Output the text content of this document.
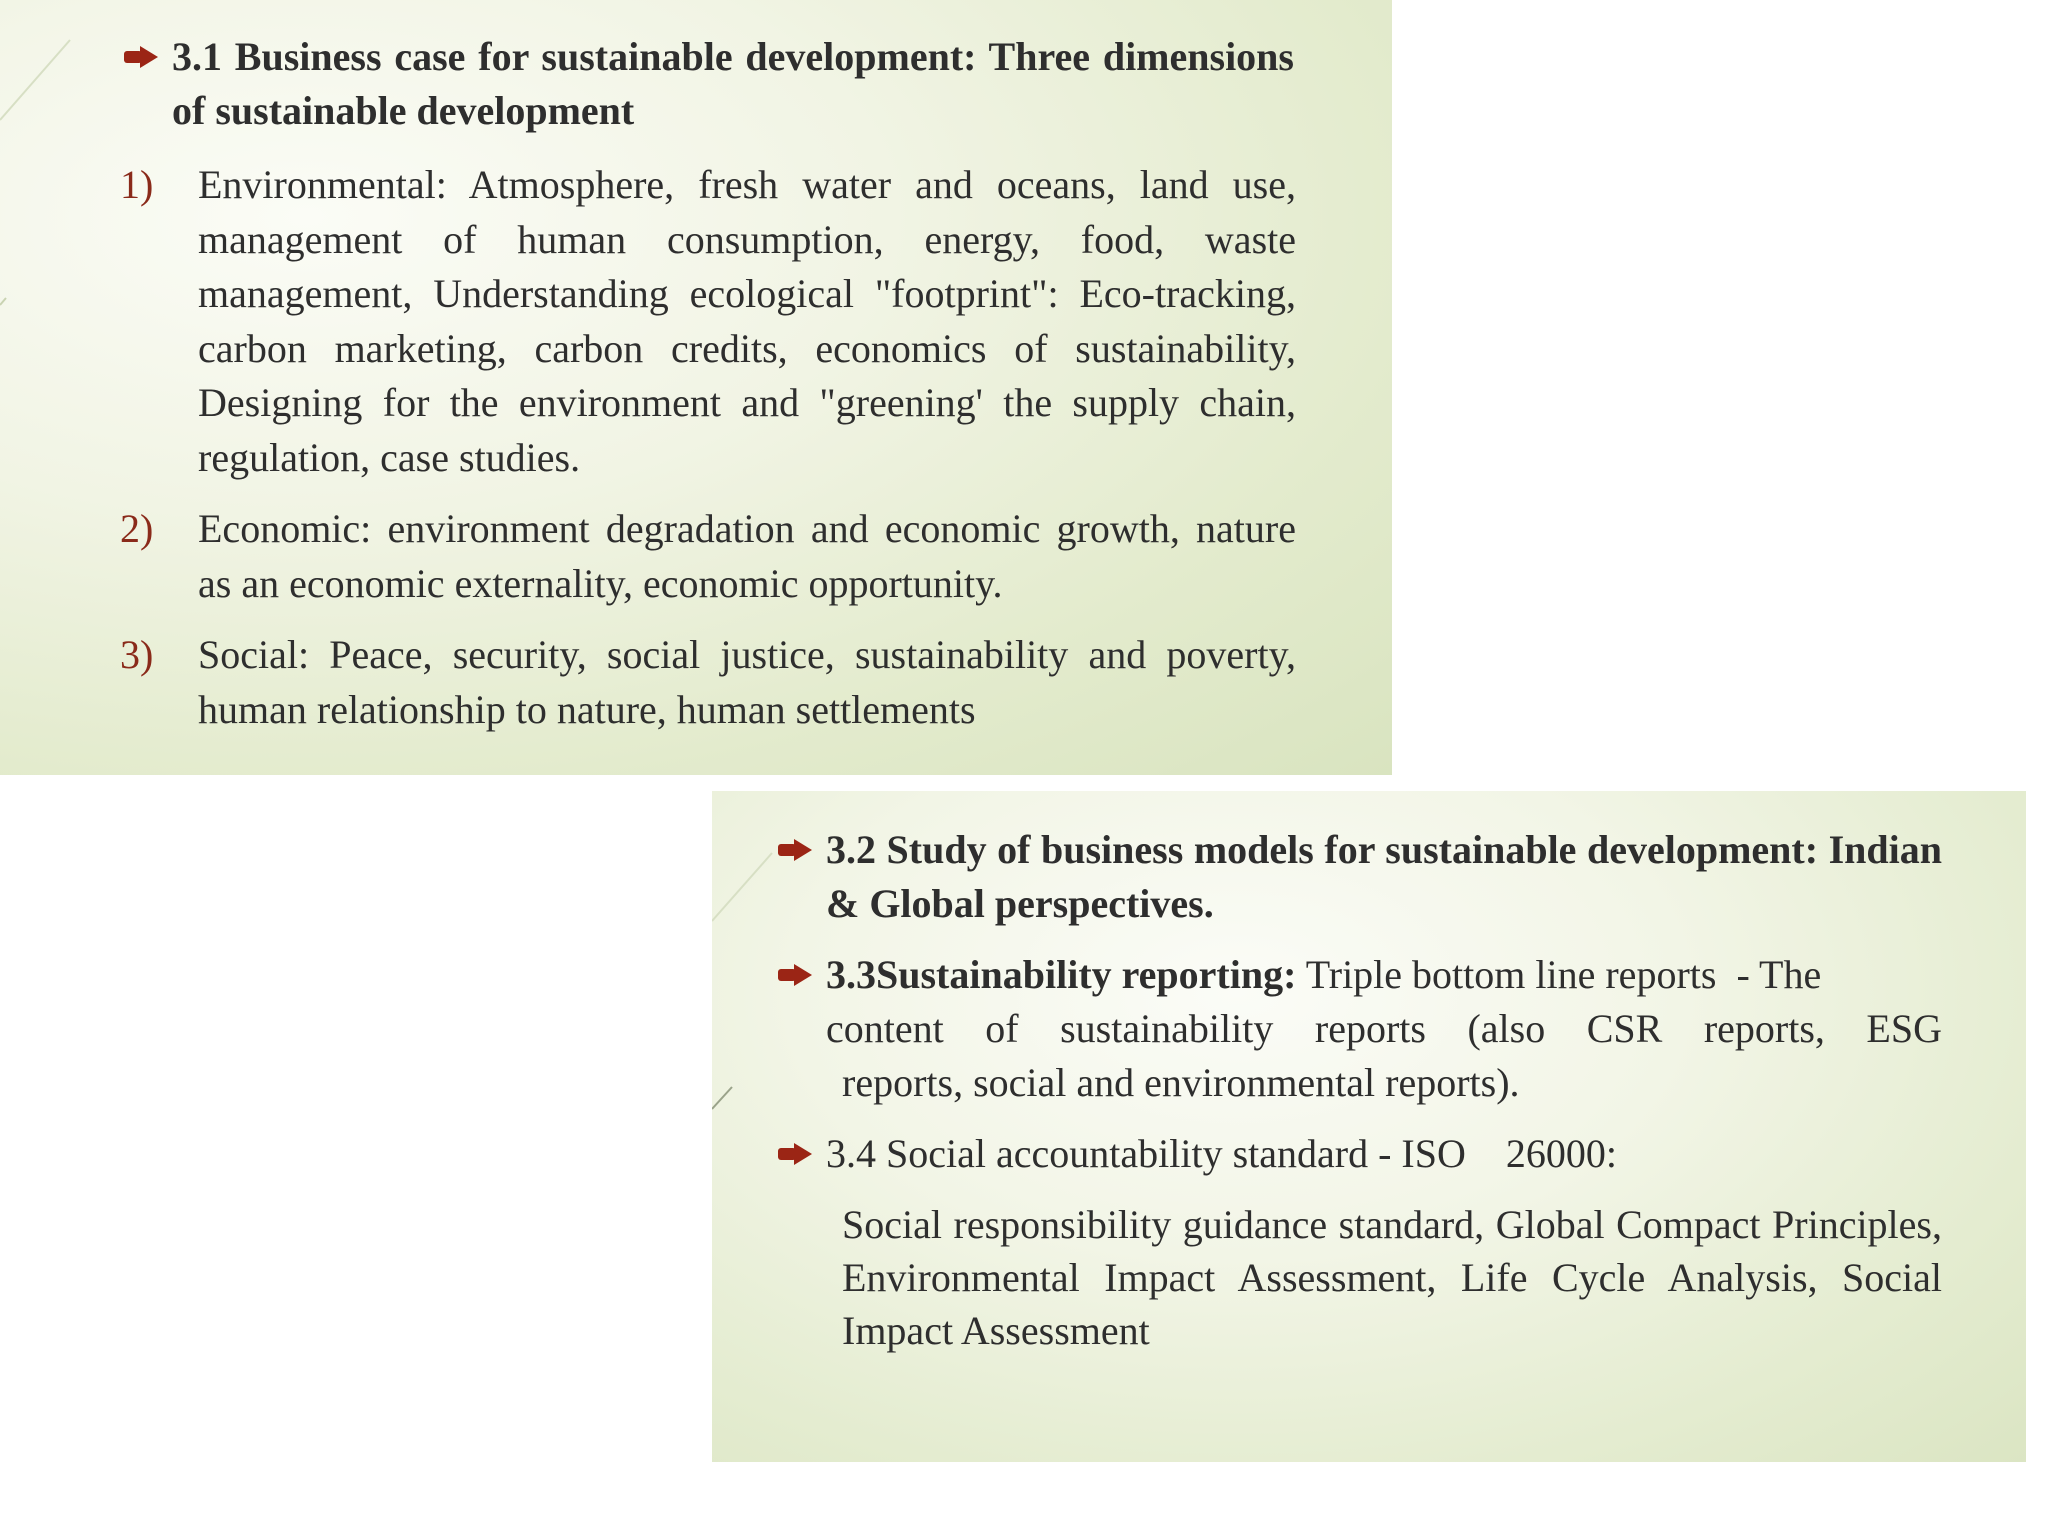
3.1 Business case for sustainable development: Three dimensions of sustainable development
1)	Environmental: Atmosphere, fresh water and oceans, land use, management of human consumption, energy, food, waste management, Understanding ecological "footprint": Eco-tracking, carbon marketing, carbon credits, economics of sustainability, Designing for the environment and "greening' the supply chain, regulation, case studies.
2)	Economic: environment degradation and economic growth, nature as an economic externality, economic opportunity.
3)	Social: Peace, security, social justice, sustainability and poverty, human relationship to nature, human settlements
3.2 Study of business models for sustainable development: Indian & Global perspectives.
3.3Sustainability reporting: Triple bottom line reports  - The
content of sustainability reports (also CSR reports, ESG
reports, social and environmental reports).
3.4 Social accountability standard - ISO    26000:
Social responsibility guidance standard, Global Compact Principles, Environmental Impact Assessment, Life Cycle Analysis, Social Impact Assessment
